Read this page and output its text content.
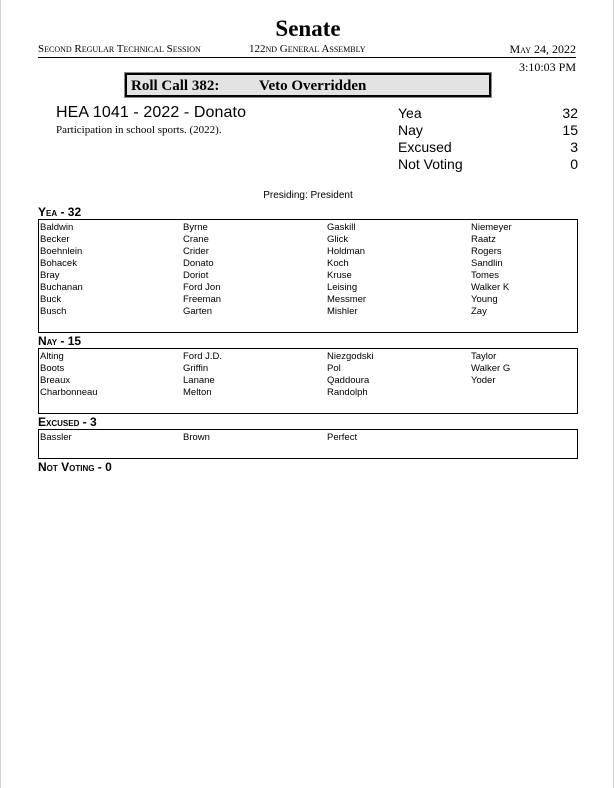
Senate
Second Regular Technical Session	122nd General Assembly	May 24, 2022
3:10:03 PM
Roll Call 382:	Veto Overridden
HEA 1041 - 2022 - Donato
Participation in school sports. (2022).
Yea	32
Nay	15
Excused	3
Not Voting	0
Presiding: President
Yea - 32
Baldwin	Byrne	Gaskill	Niemeyer
Becker	Crane	Glick	Raatz
Boehnlein	Crider	Holdman	Rogers
Bohacek	Donato	Koch	Sandlin
Bray	Doriot	Kruse	Tomes
Buchanan	Ford Jon	Leising	Walker K
Buck	Freeman	Messmer	Young
Busch	Garten	Mishler	Zay
Nay - 15
Alting	Ford J.D.	Niezgodski	Taylor
Boots	Griffin	Pol	Walker G
Breaux	Lanane	Qaddoura	Yoder
Charbonneau	Melton	Randolph
Excused - 3
Bassler	Brown	Perfect
Not Voting - 0
